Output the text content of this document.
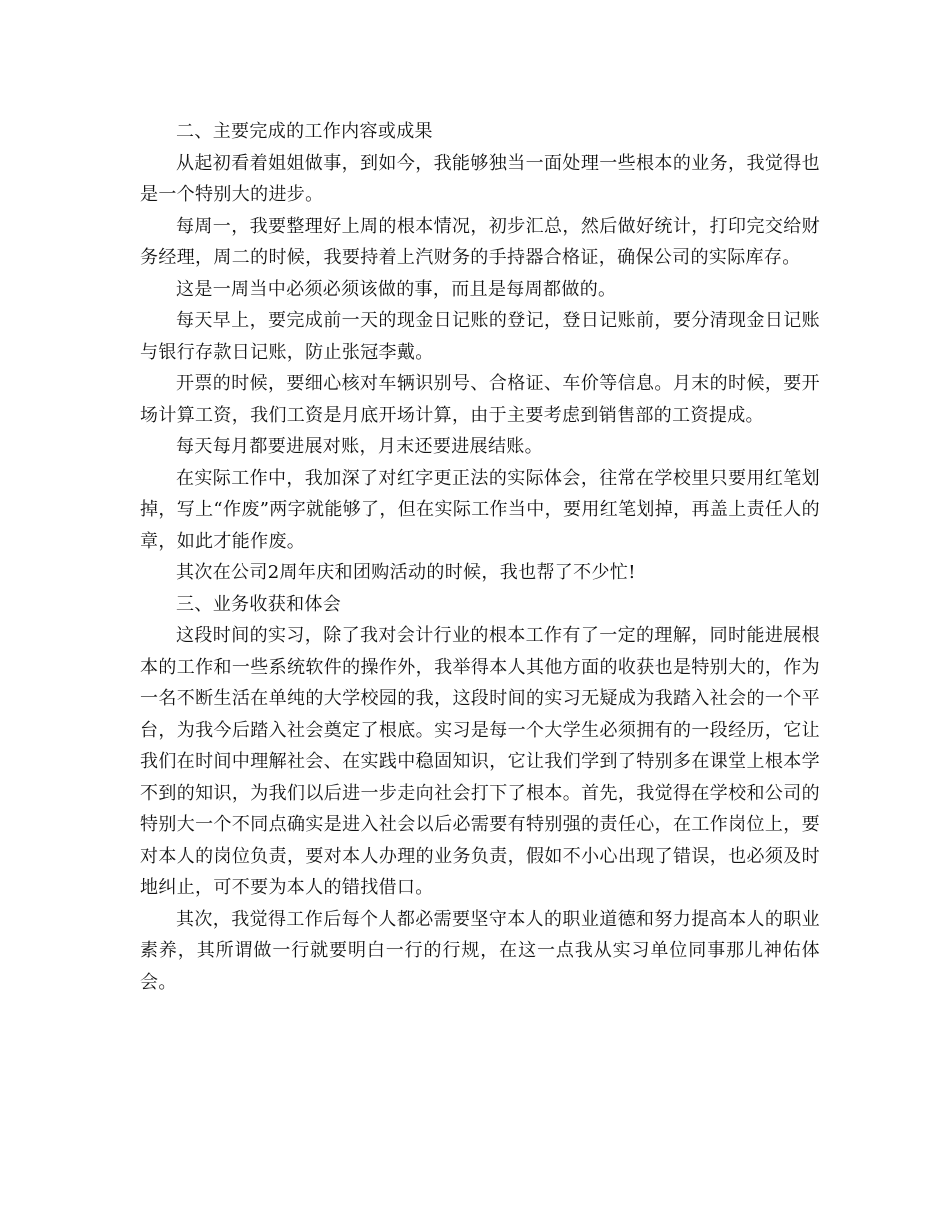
二、主要完成的工作内容或成果

从起初看着姐姐做事，到如今，我能够独当一面处理一些根本的业务，我觉得也是一个特别大的进步。

每周一，我要整理好上周的根本情况，初步汇总，然后做好统计，打印完交给财务经理，周二的时候，我要持着上汽财务的手持器合格证，确保公司的实际库存。

这是一周当中必须必须该做的事，而且是每周都做的。

每天早上，要完成前一天的现金日记账的登记，登日记账前，要分清现金日记账与银行存款日记账，防止张冠李戴。

开票的时候，要细心核对车辆识别号、合格证、车价等信息。月末的时候，要开场计算工资，我们工资是月底开场计算，由于主要考虑到销售部的工资提成。

每天每月都要进展对账，月末还要进展结账。

在实际工作中，我加深了对红字更正法的实际体会，往常在学校里只要用红笔划掉，写上“作废”两字就能够了，但在实际工作当中，要用红笔划掉，再盖上责任人的章，如此才能作废。

其次在公司2周年庆和团购活动的时候，我也帮了不少忙!

三、业务收获和体会

这段时间的实习，除了我对会计行业的根本工作有了一定的理解，同时能进展根本的工作和一些系统软件的操作外，我举得本人其他方面的收获也是特别大的，作为一名不断生活在单纯的大学校园的我，这段时间的实习无疑成为我踏入社会的一个平台，为我今后踏入社会奠定了根底。实习是每一个大学生必须拥有的一段经历，它让我们在时间中理解社会、在实践中稳固知识，它让我们学到了特别多在课堂上根本学不到的知识，为我们以后进一步走向社会打下了根本。首先，我觉得在学校和公司的特别大一个不同点确实是进入社会以后必需要有特别强的责任心，在工作岗位上，要对本人的岗位负责，要对本人办理的业务负责，假如不小心出现了错误，也必须及时地纠止，可不要为本人的错找借口。

其次，我觉得工作后每个人都必需要坚守本人的职业道德和努力提高本人的职业素养，其所谓做一行就要明白一行的行规，在这一点我从实习单位同事那儿神佑体会。
